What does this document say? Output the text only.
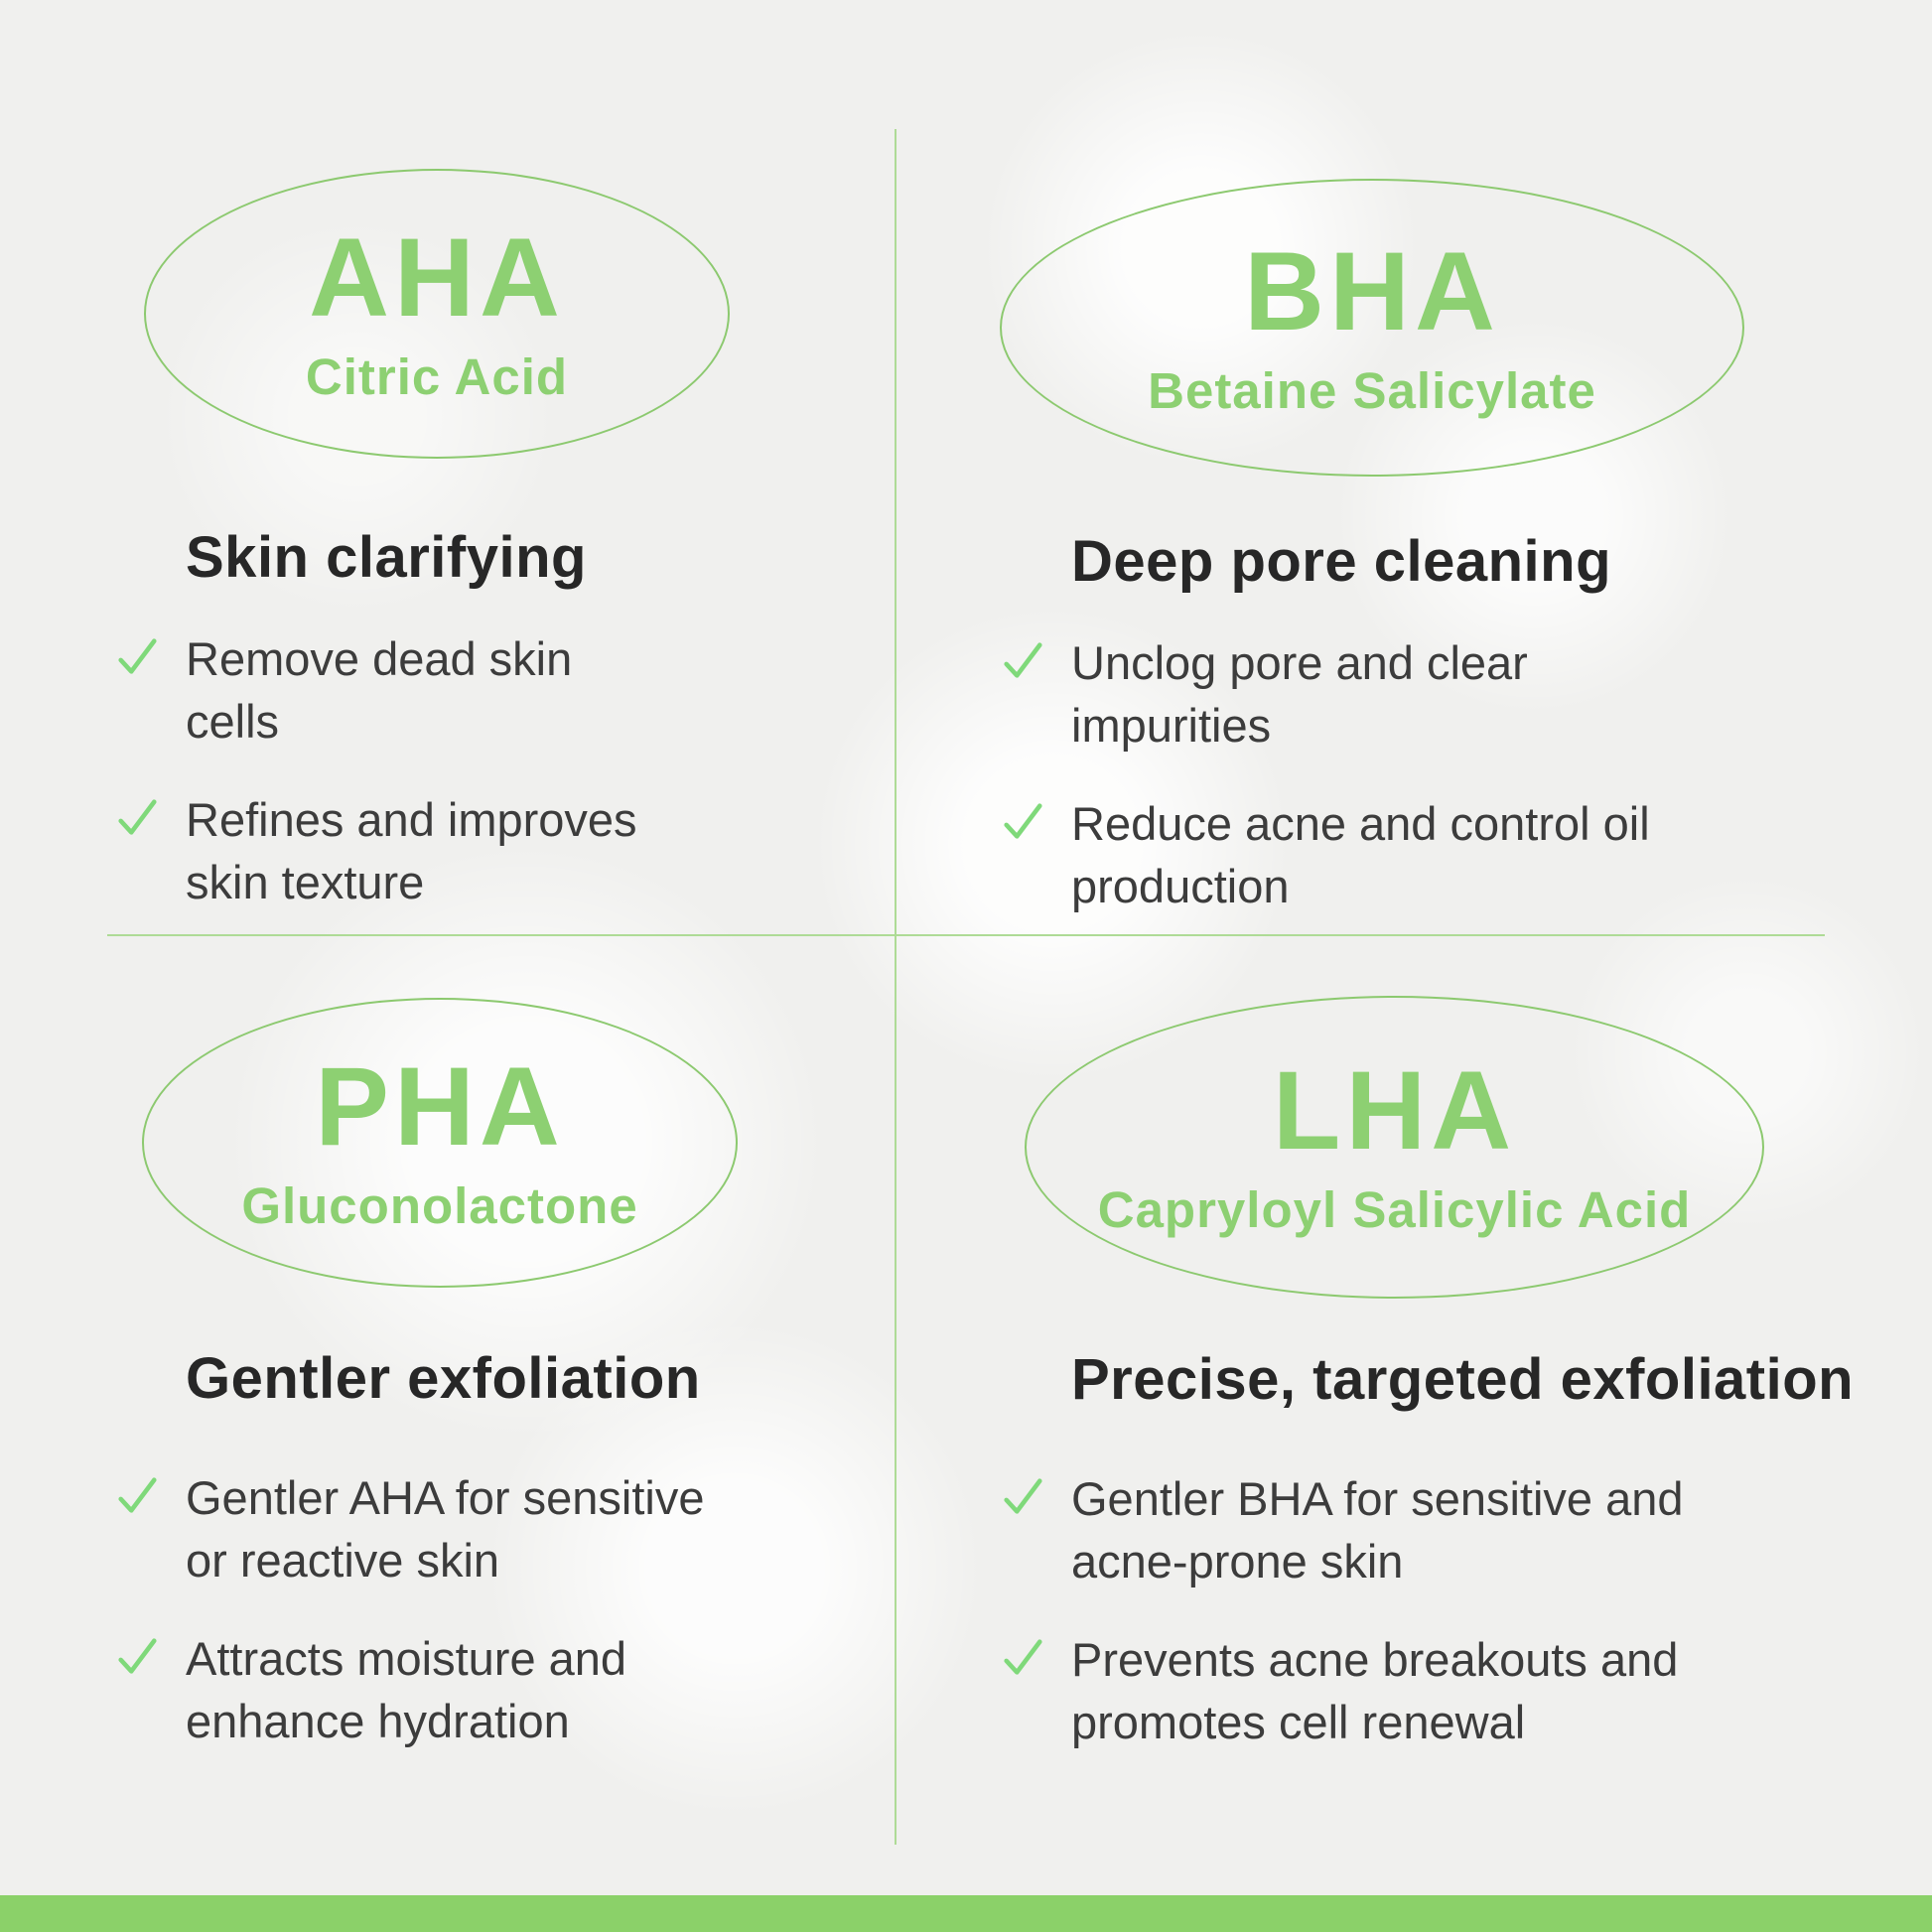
AHA
Citric Acid
Skin clarifying
Remove dead skin cells
Refines and improves skin texture
BHA
Betaine Salicylate
Deep pore cleaning
Unclog pore and clear impurities
Reduce acne and control oil production
PHA
Gluconolactone
Gentler exfoliation
Gentler AHA for sensitive or reactive skin
Attracts moisture and enhance hydration
LHA
Capryloyl Salicylic Acid
Precise, targeted exfoliation
Gentler BHA for sensitive and acne-prone skin
Prevents acne breakouts and promotes cell renewal
